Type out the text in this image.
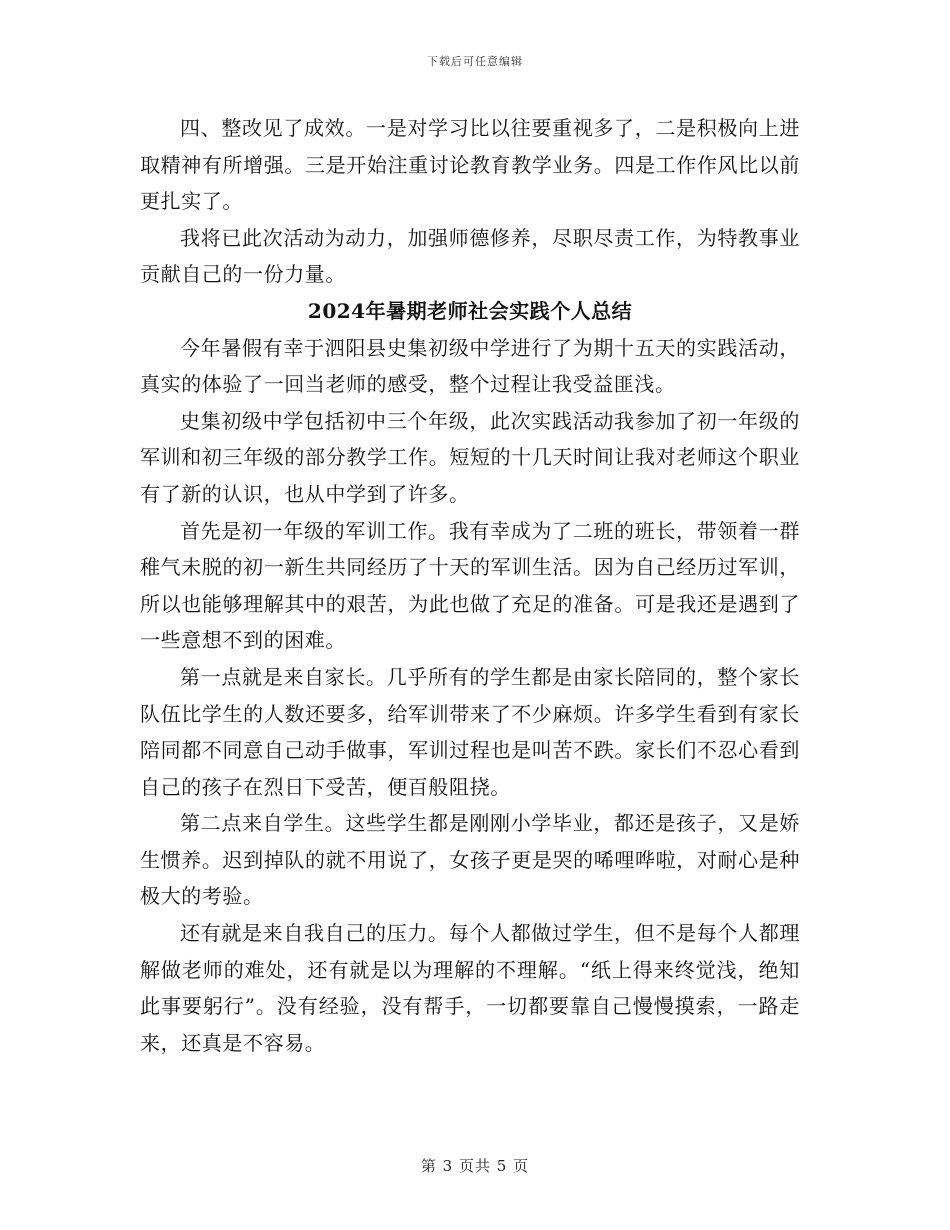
下载后可任意编辑

四、整改见了成效。一是对学习比以往要重视多了，二是积极向上进取精神有所增强。三是开始注重讨论教育教学业务。四是工作作风比以前更扎实了。

我将已此次活动为动力，加强师德修养，尽职尽责工作，为特教事业贡献自己的一份力量。

2024年暑期老师社会实践个人总结

今年暑假有幸于泗阳县史集初级中学进行了为期十五天的实践活动，真实的体验了一回当老师的感受，整个过程让我受益匪浅。

史集初级中学包括初中三个年级，此次实践活动我参加了初一年级的军训和初三年级的部分教学工作。短短的十几天时间让我对老师这个职业有了新的认识，也从中学到了许多。

首先是初一年级的军训工作。我有幸成为了二班的班长，带领着一群稚气未脱的初一新生共同经历了十天的军训生活。因为自己经历过军训，所以也能够理解其中的艰苦，为此也做了充足的准备。可是我还是遇到了一些意想不到的困难。

第一点就是来自家长。几乎所有的学生都是由家长陪同的，整个家长队伍比学生的人数还要多，给军训带来了不少麻烦。许多学生看到有家长陪同都不同意自己动手做事，军训过程也是叫苦不跌。家长们不忍心看到自己的孩子在烈日下受苦，便百般阻挠。

第二点来自学生。这些学生都是刚刚小学毕业，都还是孩子，又是娇生惯养。迟到掉队的就不用说了，女孩子更是哭的唏哩哗啦，对耐心是种极大的考验。

还有就是来自我自己的压力。每个人都做过学生，但不是每个人都理解做老师的难处，还有就是以为理解的不理解。“纸上得来终觉浅，绝知此事要躬行”。没有经验，没有帮手，一切都要靠自己慢慢摸索，一路走来，还真是不容易。

第 3 页共 5 页
